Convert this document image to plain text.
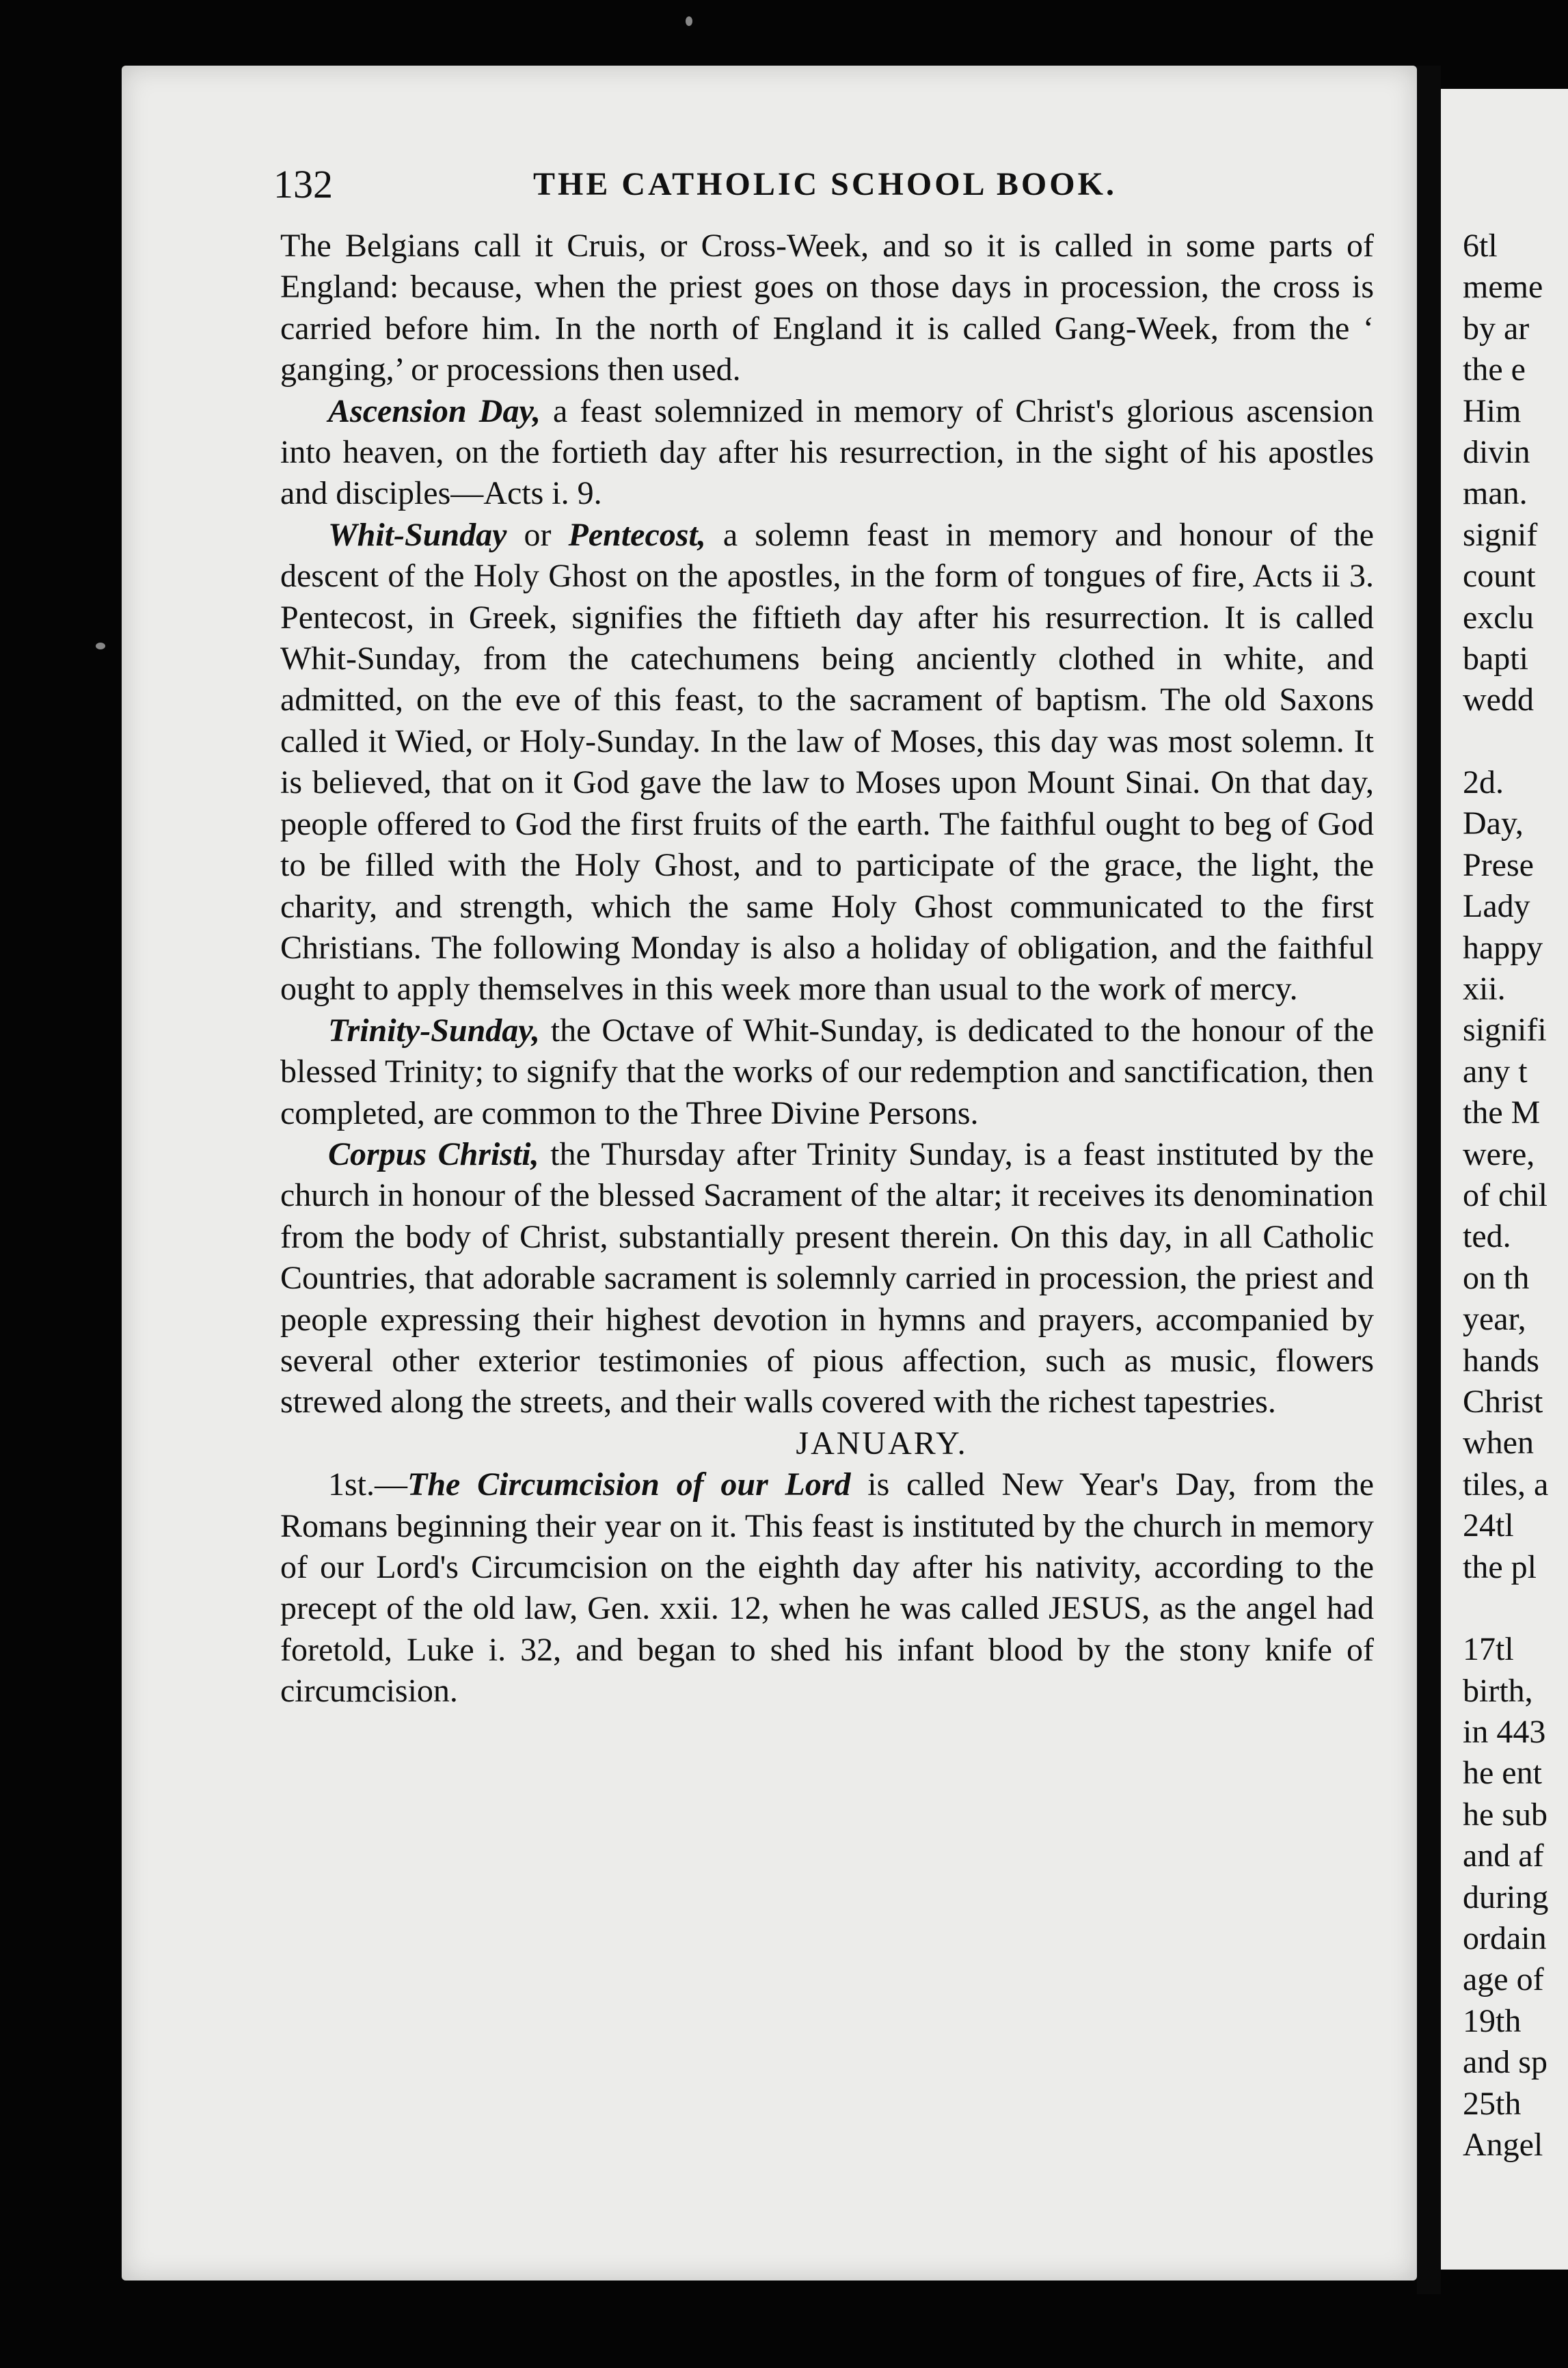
132	THE CATHOLIC SCHOOL BOOK.

The Belgians call it Cruis, or Cross-Week, and so it is called in some parts of England: because, when the priest goes on those days in procession, the cross is carried before him. In the north of England it is called Gang-Week, from the ‘ ganging,’ or processions then used.

Ascension Day, a feast solemnized in memory of Christ's glorious ascension into heaven, on the fortieth day after his resurrection, in the sight of his apostles and disciples—Acts i. 9.

Whit-Sunday or Pentecost, a solemn feast in memory and honour of the descent of the Holy Ghost on the apostles, in the form of tongues of fire, Acts ii 3. Pentecost, in Greek, signifies the fiftieth day after his resurrection. It is called Whit-Sunday, from the catechumens being anciently clothed in white, and admitted, on the eve of this feast, to the sacrament of baptism. The old Saxons called it Wied, or Holy-Sunday. In the law of Moses, this day was most solemn. It is believed, that on it God gave the law to Moses upon Mount Sinai. On that day, people offered to God the first fruits of the earth. The faithful ought to beg of God to be filled with the Holy Ghost, and to participate of the grace, the light, the charity, and strength, which the same Holy Ghost communicated to the first Christians. The following Monday is also a holiday of obligation, and the faithful ought to apply themselves in this week more than usual to the work of mercy.

Trinity-Sunday, the Octave of Whit-Sunday, is dedicated to the honour of the blessed Trinity; to signify that the works of our redemption and sanctification, then completed, are common to the Three Divine Persons.

Corpus Christi, the Thursday after Trinity Sunday, is a feast instituted by the church in honour of the blessed Sacrament of the altar; it receives its denomination from the body of Christ, substantially present therein. On this day, in all Catholic Countries, that adorable sacrament is solemnly carried in procession, the priest and people expressing their highest devotion in hymns and prayers, accompanied by several other exterior testimonies of pious affection, such as music, flowers strewed along the streets, and their walls covered with the richest tapestries.

JANUARY.

1st.—The Circumcision of our Lord is called New Year's Day, from the Romans beginning their year on it. This feast is instituted by the church in memory of our Lord's Circumcision on the eighth day after his nativity, according to the precept of the old law, Gen. xxii. 12, when he was called JESUS, as the angel had foretold, Luke i. 32, and began to shed his infant blood by the stony knife of circumcision.

6tl
meme
by ar
the e
Him
divin
man.
signif
count
exclu
bapti
wedd
2d.
Day,
Prese
Lady
happy
xii.
signifi
any t
the M
were,
of chil
ted.
on th
year,
hands
Christ
when
tiles, a
24tl
the pl
17tl
birth,
in 443
he ent
he sub
and af
during
ordain
age of
19th
and sp
25th
Angel
